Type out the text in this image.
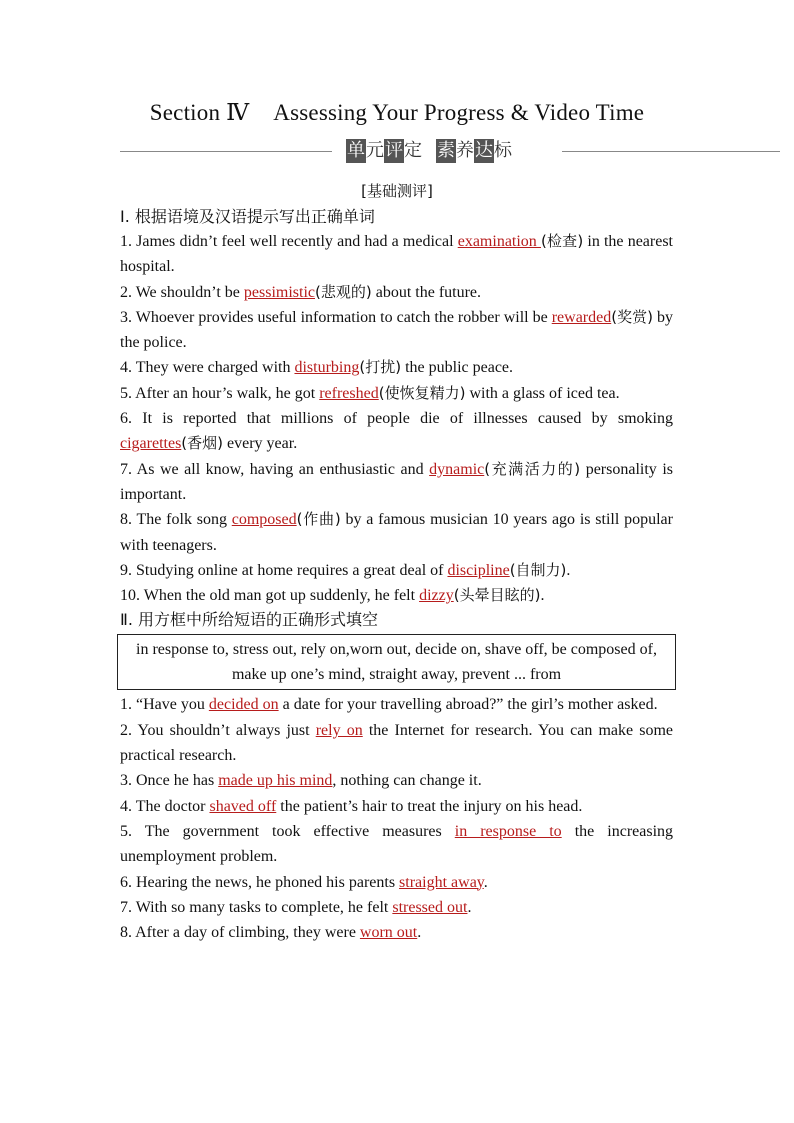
Section Ⅳ Assessing Your Progress & Video Time
单元评定 素养达标
[基础测评]

Ⅰ. 根据语境及汉语提示写出正确单词

1. James didn’t feel well recently and had a medical examination (检查) in the nearest hospital.

2. We shouldn’t be pessimistic(悲观的) about the future.

3. Whoever provides useful information to catch the robber will be rewarded(奖赏) by the police.

4. They were charged with disturbing(打扰) the public peace.

5. After an hour’s walk, he got refreshed(使恢复精力) with a glass of iced tea.

6. It is reported that millions of people die of illnesses caused by smoking cigarettes(香烟) every year.

7. As we all know, having an enthusiastic and dynamic(充满活力的) personality is important.

8. The folk song composed(作曲) by a famous musician 10 years ago is still popular with teenagers.

9. Studying online at home requires a great deal of discipline(自制力).

10. When the old man got up suddenly, he felt dizzy(头晕目眩的).

Ⅱ. 用方框中所给短语的正确形式填空

in response to, stress out, rely on,worn out, decide on, shave off, be composed of, make up one’s mind, straight away, prevent ... from

1. “Have you decided on a date for your travelling abroad?” the girl’s mother asked.

2. You shouldn’t always just rely on the Internet for research. You can make some practical research.

3. Once he has made up his mind, nothing can change it.

4. The doctor shaved off the patient’s hair to treat the injury on his head.

5. The government took effective measures in response to the increasing unemployment problem.

6. Hearing the news, he phoned his parents straight away.

7. With so many tasks to complete, he felt stressed out.

8. After a day of climbing, they were worn out.
